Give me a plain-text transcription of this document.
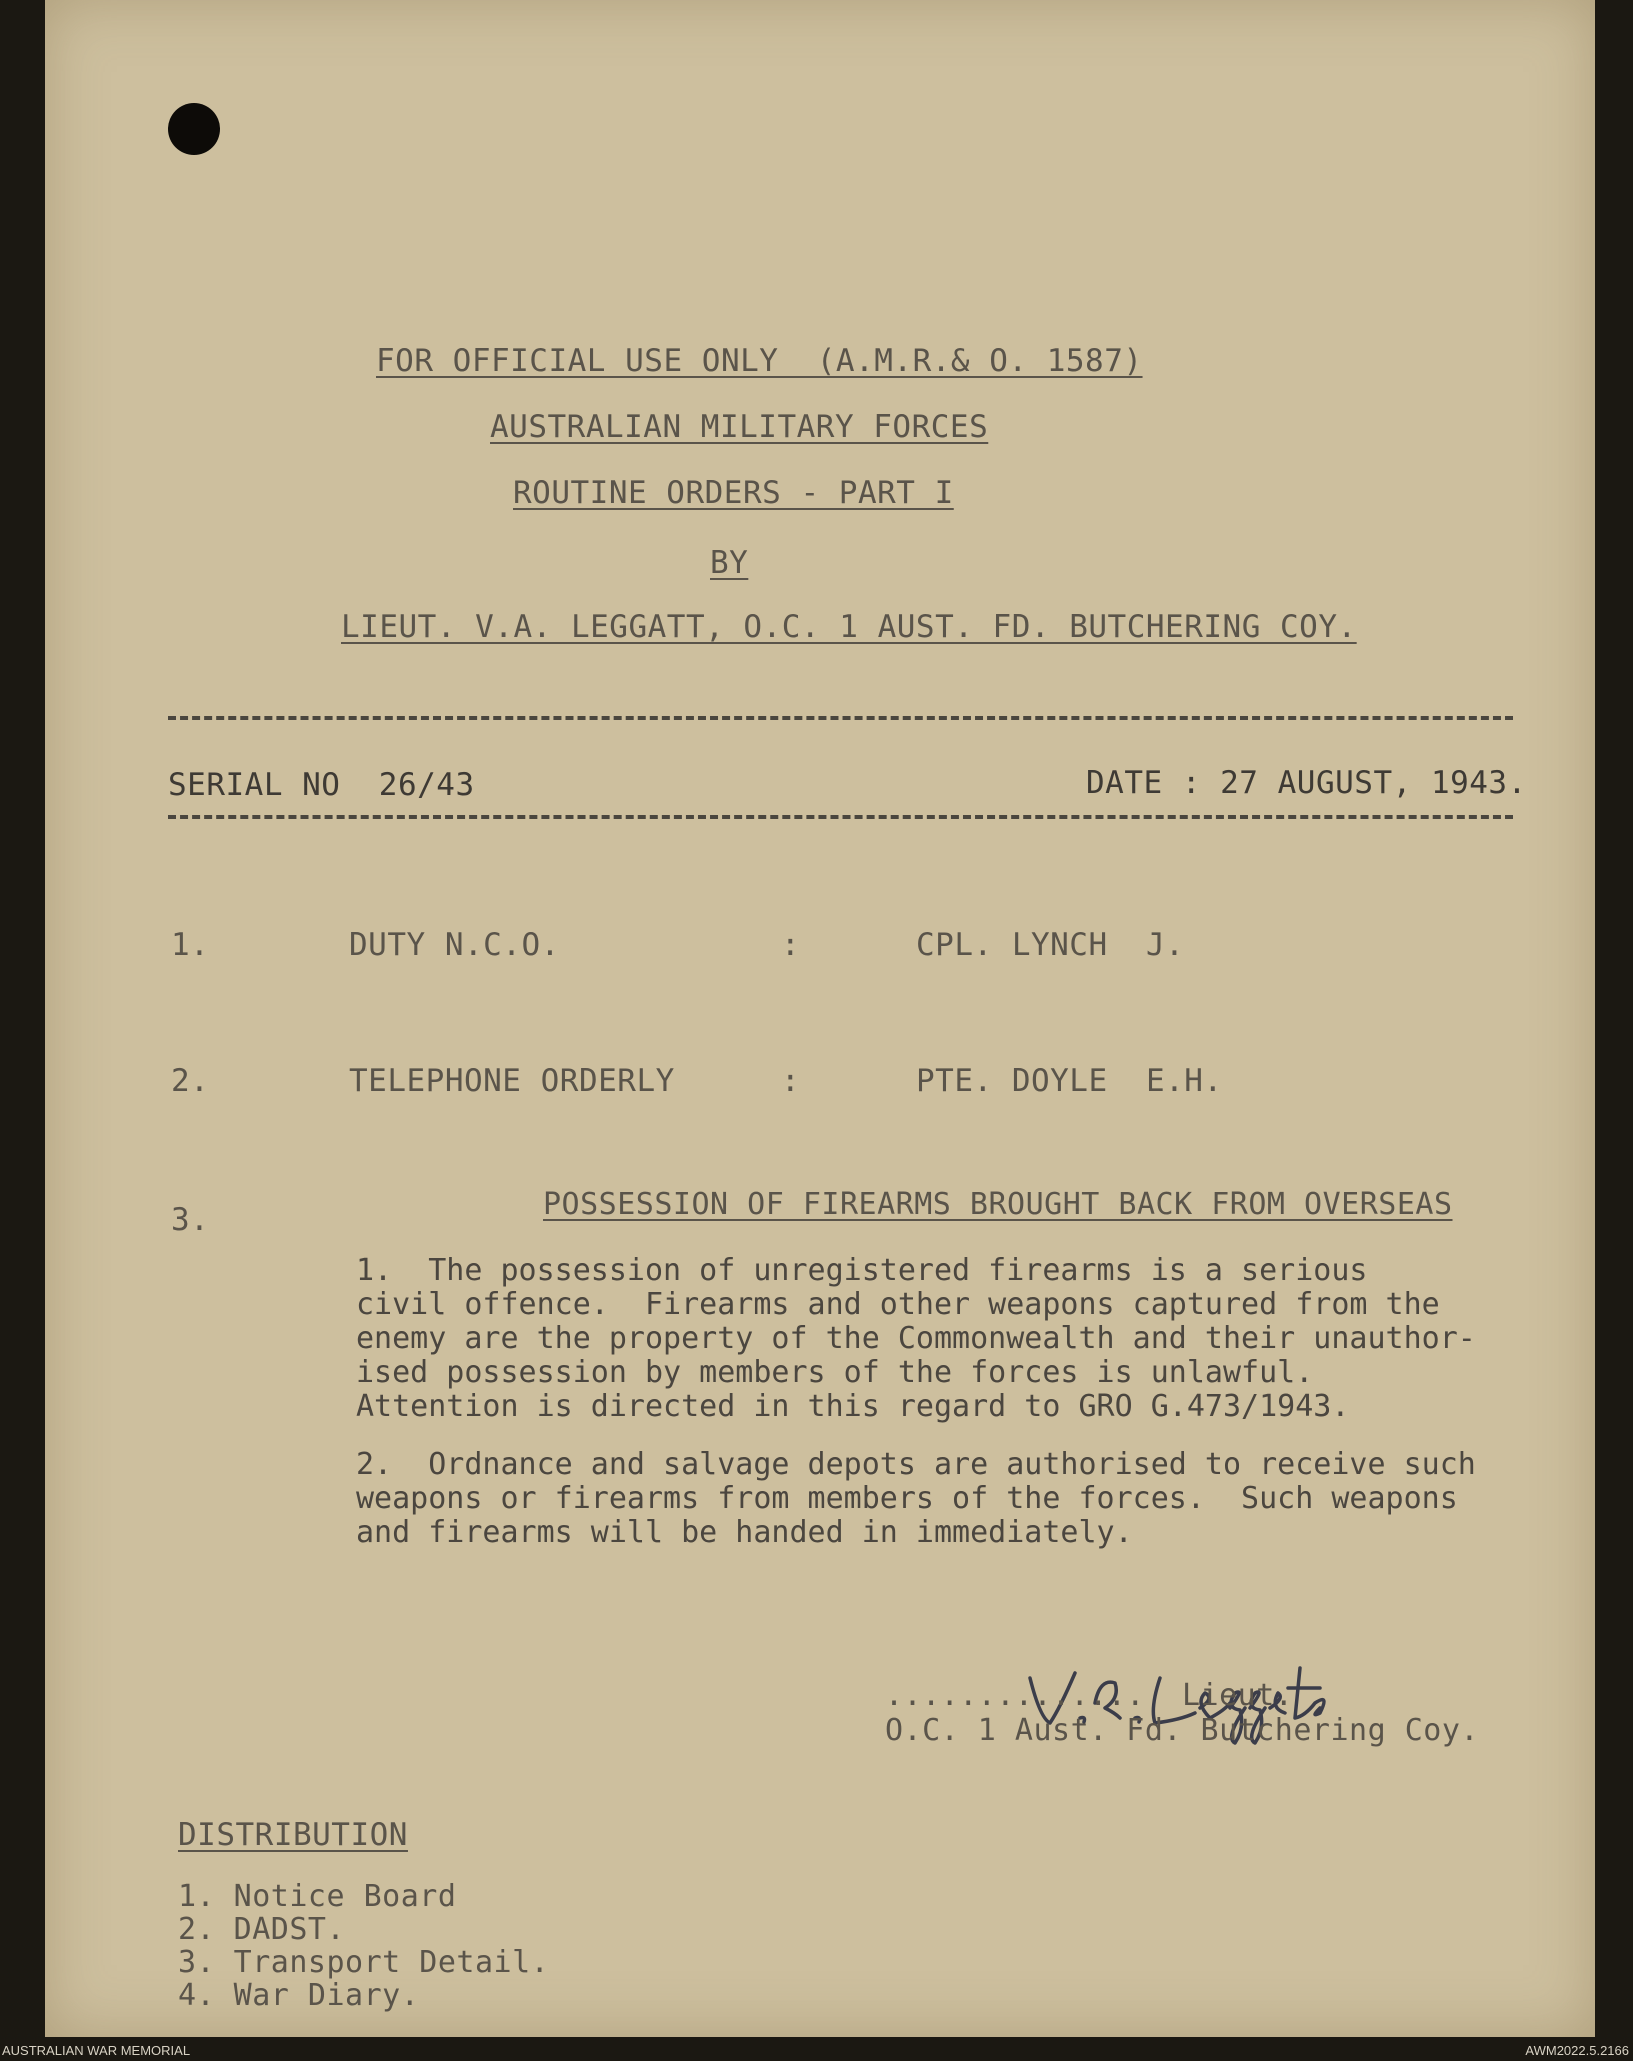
FOR OFFICIAL USE ONLY  (A.M.R.& O. 1587)
AUSTRALIAN MILITARY FORCES
ROUTINE ORDERS - PART I
BY
LIEUT. V.A. LEGGATT, O.C. 1 AUST. FD. BUTCHERING COY.
SERIAL NO  26/43	DATE : 27 AUGUST, 1943.
1.	DUTY N.C.O.	:	CPL. LYNCH  J.
2.	TELEPHONE ORDERLY	:	PTE. DOYLE  E.H.
3.	POSSESSION OF FIREARMS BROUGHT BACK FROM OVERSEAS
1.  The possession of unregistered firearms is a serious
civil offence.  Firearms and other weapons captured from the
enemy are the property of the Commonwealth and their unauthor-
ised possession by members of the forces is unlawful.
Attention is directed in this regard to GRO G.473/1943.
2.  Ordnance and salvage depots are authorised to receive such
weapons or firearms from members of the forces.  Such weapons
and firearms will be handed in immediately.
..............  Lieut.
O.C. 1 Aust. Fd. Butchering Coy.
DISTRIBUTION
1. Notice Board
2. DADST.
3. Transport Detail.
4. War Diary.
AUSTRALIAN WAR MEMORIAL	AWM2022.5.2166
